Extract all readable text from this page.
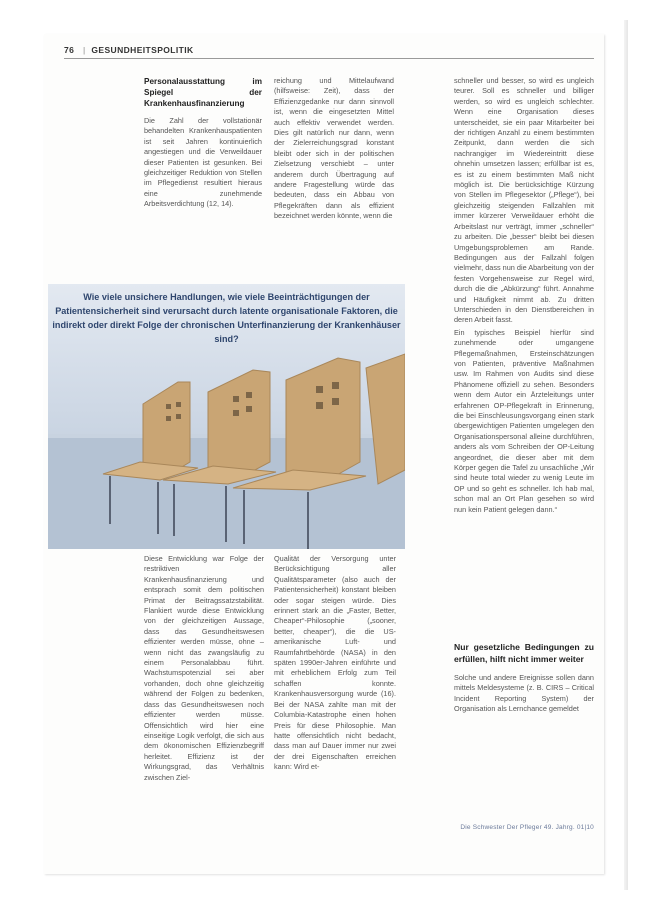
76 | GESUNDHEITSPOLITIK
Personalausstattung im Spiegel der Krankenhausfinanzierung

Die Zahl der vollstationär behandelten Krankenhauspatienten ist seit Jahren kontinuierlich angestiegen und die Verweildauer dieser Patienten ist gesunken. Bei gleichzeitiger Reduktion von Stellen im Pflegedienst resultiert hieraus eine zunehmende Arbeitsverdichtung (12, 14).

reichung und Mittelaufwand (hilfsweise: Zeit), dass der Effizienzgedanke nur dann sinnvoll ist, wenn die eingesetzten Mittel auch effektiv verwendet werden. Dies gilt natürlich nur dann, wenn der Zielerreichungsgrad konstant bleibt oder sich in der politischen Zielsetzung verschiebt – unter anderem durch Übertragung auf andere Fragestellung würde das bedeuten, dass ein Abbau von Pflegekräften dann als effizient bezeichnet werden könnte, wenn die

Wie viele unsichere Handlungen, wie viele Beeinträchtigungen der Patientensicherheit sind verursacht durch latente organisationale Faktoren, die indirekt oder direkt Folge der chronischen Unterfinanzierung der Krankenhäuser sind?

schneller und besser, so wird es ungleich teurer. Soll es schneller und billiger werden, so wird es ungleich schlechter. Wenn eine Organisation dieses unterscheidet, sie ein paar Mitarbeiter bei der richtigen Anzahl zu einem bestimmten Zeitpunkt, dann werden die sich nachrangiger im Wiedereintritt diese ohnehin umsetzen lassen; erfüllbar ist es, es ist zu einem bestimmten Maß nicht möglich ist. Die berücksichtige Kürzung von Stellen im Pflegesektor („Pflege“), bei gleichzeitig steigenden Fallzahlen mit immer kürzerer Verweildauer erhöht die Arbeitslast nur verträgt, immer „schneller“ zu arbeiten. Die „besser“ bleibt bei diesen Umgebungsproblemen am Rande. Bedingungen aus der Fallzahl folgen vielmehr, dass nun die Abarbeitung von der festen Vorgehensweise zur Regel wird, durch die die „Abkürzung“ führt. Annahme und Häufigkeit nimmt ab. Zu dritten Unterschieden in den Dienstbereichen in deren Arbeit fasst.

Ein typisches Beispiel hierfür sind zunehmende oder umgangene Pflegemaßnahmen, Ersteinschätzungen von Patienten, präventive Maßnahmen usw. Im Rahmen von Audits sind diese Phänomene offiziell zu sehen. Besonders wenn dem Autor ein Ärzteleitungs unter erfahrenen OP-Pflegekraft in Erinnerung, die bei Einschleusungsvorgang einen stark übergewichtigen Patienten umgelegen den Organisationspersonal alleine durchführen, anders als vom Schreiben der OP-Leitung angeordnet, die dieser aber mit dem Körper gegen die Tafel zu unsachliche „Wir sind heute total wieder zu wenig Leute im OP und so geht es schneller. Ich hab mal, schon mal an Ort Plan gesehen so wird nun kein Patient gelegen dann.“

Diese Entwicklung war Folge der restriktiven Krankenhausfinanzierung und entsprach somit dem politischen Primat der Beitragssatzstabilität. Flankiert wurde diese Entwicklung von der gleichzeitigen Aussage, dass das Gesundheitswesen effizienter werden müsse, ohne – wenn nicht das zwangsläufig zu einem Personalabbau führt. Wachstumspotenzial sei aber vorhanden, doch ohne gleichzeitig während der Folgen zu bedenken, dass das Gesundheitswesen noch effizienter werden müsse. Offensichtlich wird hier eine einseitige Logik verfolgt, die sich aus dem ökonomischen Effizienzbegriff herleitet. Effizienz ist der Wirkungsgrad, das Verhältnis zwischen Ziel-

Qualität der Versorgung unter Berücksichtigung aller Qualitätsparameter (also auch der Patientensicherheit) konstant bleiben oder sogar steigen würde. Dies erinnert stark an die „Faster, Better, Cheaper“-Philosophie („sooner, better, cheaper“), die die US-amerikanische Luft- und Raumfahrtbehörde (NASA) in den späten 1990er-Jahren einführte und mit erheblichem Erfolg zum Teil schaffen konnte. Krankenhausversorgung wurde (16). Bei der NASA zahlte man mit der Columbia-Katastrophe einen hohen Preis für diese Philosophie. Man hatte offensichtlich nicht bedacht, dass man auf Dauer immer nur zwei der drei Eigenschaften erreichen kann: Wird et-

Nur gesetzliche Bedingungen zu erfüllen, hilft nicht immer weiter

Solche und andere Ereignisse sollen dann mittels Meldesysteme (z. B. CIRS – Critical Incident Reporting System) der Organisation als Lernchance gemeldet

Die Schwester Der Pfleger 49. Jahrg. 01|10
